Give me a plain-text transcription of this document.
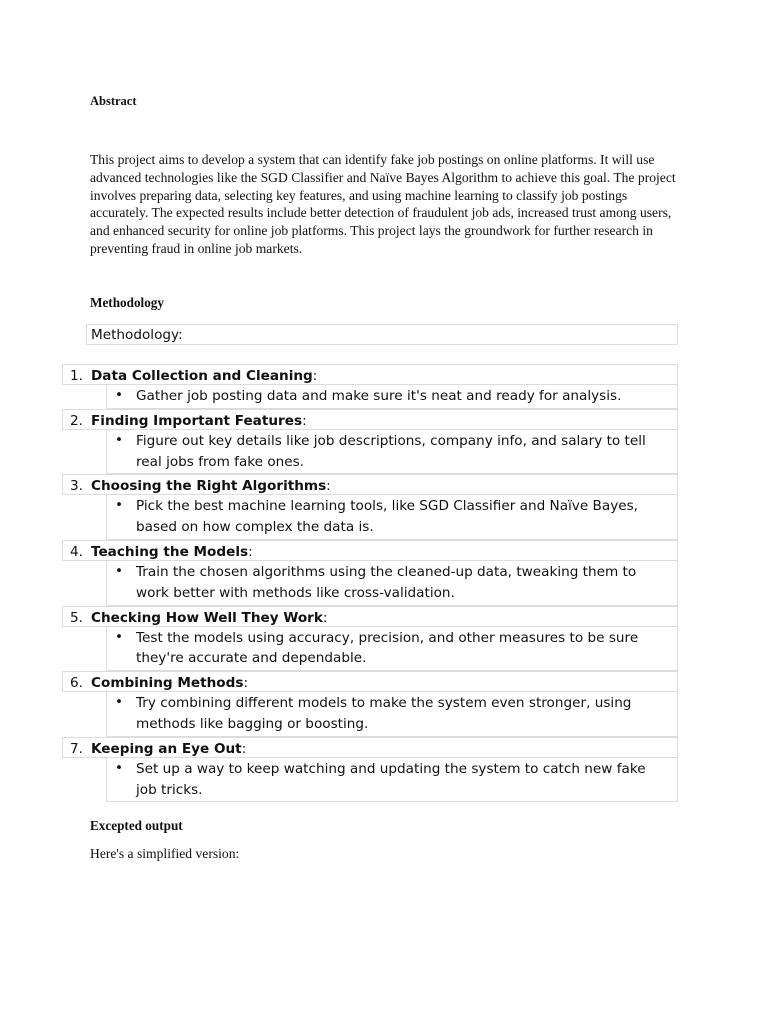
Abstract
This project aims to develop a system that can identify fake job postings on online platforms. It will use advanced technologies like the SGD Classifier and Naïve Bayes Algorithm to achieve this goal. The project involves preparing data, selecting key features, and using machine learning to classify job postings accurately. The expected results include better detection of fraudulent job ads, increased trust among users, and enhanced security for online job platforms. This project lays the groundwork for further research in preventing fraud in online job markets.
Methodology
Methodology:
1. Data Collection and Cleaning:
• Gather job posting data and make sure it's neat and ready for analysis.
2. Finding Important Features:
• Figure out key details like job descriptions, company info, and salary to tell real jobs from fake ones.
3. Choosing the Right Algorithms:
• Pick the best machine learning tools, like SGD Classifier and Naïve Bayes, based on how complex the data is.
4. Teaching the Models:
• Train the chosen algorithms using the cleaned-up data, tweaking them to work better with methods like cross-validation.
5. Checking How Well They Work:
• Test the models using accuracy, precision, and other measures to be sure they're accurate and dependable.
6. Combining Methods:
• Try combining different models to make the system even stronger, using methods like bagging or boosting.
7. Keeping an Eye Out:
• Set up a way to keep watching and updating the system to catch new fake job tricks.
Excepted output
Here's a simplified version:
